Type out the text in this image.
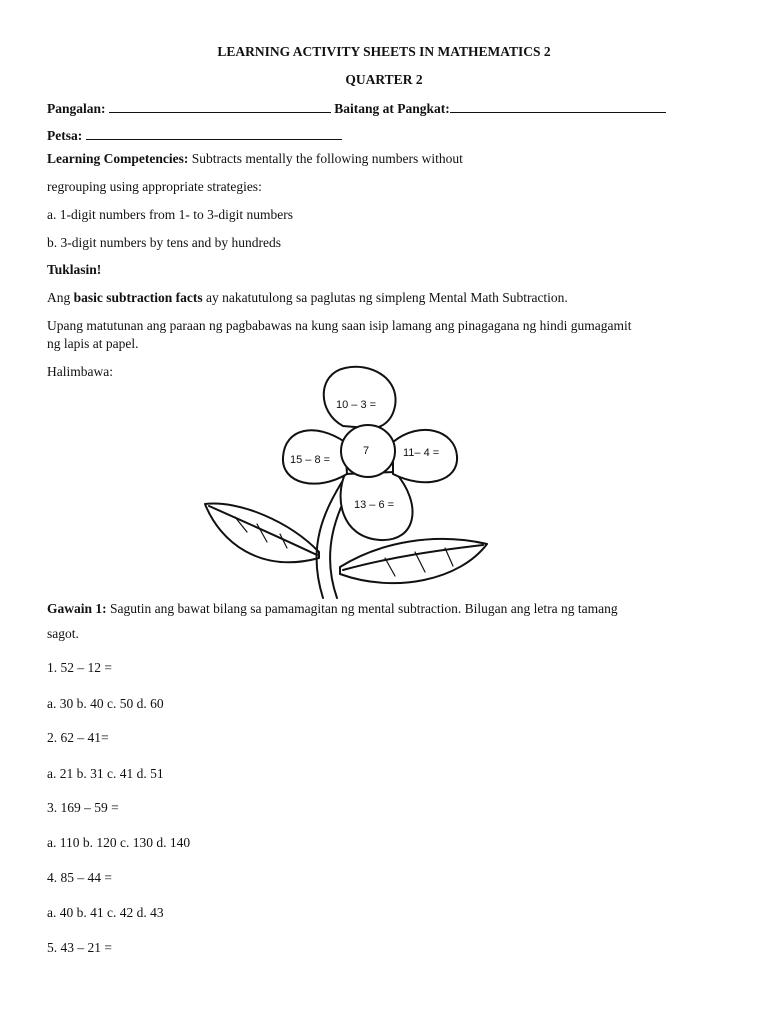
LEARNING ACTIVITY SHEETS IN MATHEMATICS 2
QUARTER 2
Pangalan:	Baitang at Pangkat:
Petsa:
Learning Competencies: Subtracts mentally the following numbers without
regrouping using appropriate strategies:
a. 1-digit numbers from 1- to 3-digit numbers
b. 3-digit numbers by tens and by hundreds
Tuklasin!
Ang basic subtraction facts ay nakatutulong sa paglutas ng simpleng Mental Math Subtraction.
Upang matutunan ang paraan ng pagbabawas na kung saan isip lamang ang pinagagana ng hindi gumagamit
ng lapis at papel.
Halimbawa:
7
10 – 3 =
15 – 8 =
11– 4 =
13 – 6 =
Gawain 1: Sagutin ang bawat bilang sa pamamagitan ng mental subtraction. Bilugan ang letra ng tamang
sagot.
1. 52 – 12 =
a. 30 b. 40 c. 50 d. 60
2. 62 – 41=
a. 21 b. 31 c. 41 d. 51
3. 169 – 59 =
a. 110 b. 120 c. 130 d. 140
4. 85 – 44 =
a. 40 b. 41 c. 42 d. 43
5. 43 – 21 =
